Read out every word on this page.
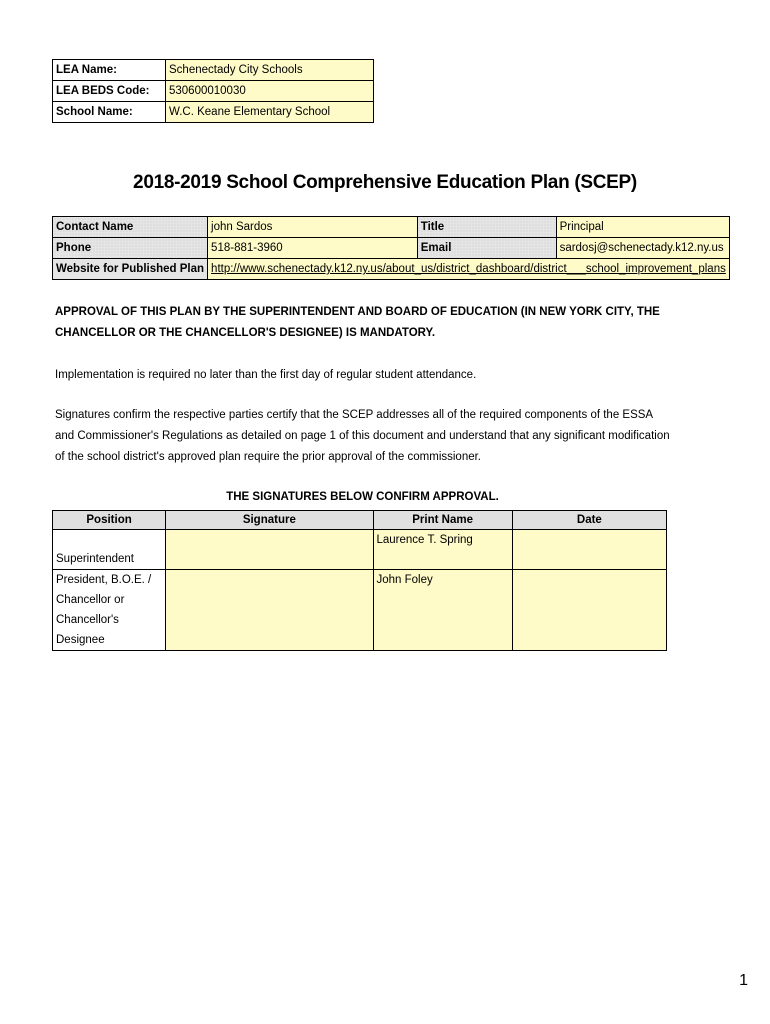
LEA Name:	Schenectady City Schools
LEA BEDS Code:	530600010030
School Name:	W.C. Keane Elementary School
2018-2019 School Comprehensive Education Plan (SCEP)
Contact Name	john Sardos	Title	Principal
Phone	518-881-3960	Email	sardosj@schenectady.k12.ny.us
Website for Published Plan	http://www.schenectady.k12.ny.us/about_us/district_dashboard/district___school_improvement_plans		
APPROVAL OF THIS PLAN BY THE SUPERINTENDENT AND BOARD OF EDUCATION (IN NEW YORK CITY, THE CHANCELLOR OR THE CHANCELLOR'S DESIGNEE) IS MANDATORY.
Implementation is required no later than the first day of regular student attendance.
Signatures confirm the respective parties certify that the SCEP addresses all of the required components of the ESSA and Commissioner's Regulations as detailed on page 1 of this document and understand that any significant modification of the school district's approved plan require the prior approval of the commissioner.
THE SIGNATURES BELOW CONFIRM APPROVAL.
Position	Signature	Print Name	Date
Superintendent		Laurence T. Spring	
President, B.O.E. / Chancellor or Chancellor's Designee		John Foley	
1
